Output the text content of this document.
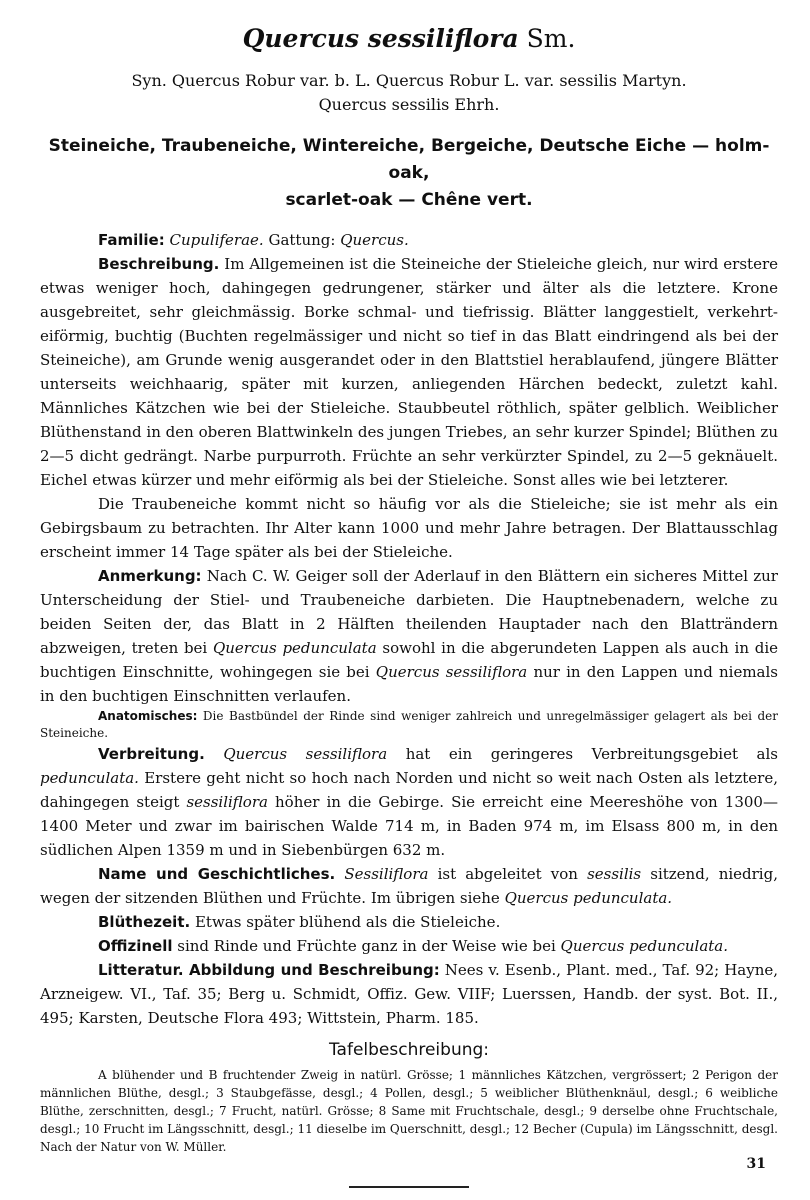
Quercus sessiliflora Sm.
Syn. Quercus Robur var. b. L. Quercus Robur L. var. sessilis Martyn.
Quercus sessilis Ehrh.
Steineiche, Traubeneiche, Wintereiche, Bergeiche, Deutsche Eiche — holm-oak,
scarlet-oak — Chêne vert.

Familie: Cupuliferae. Gattung: Quercus.

Beschreibung. Im Allgemeinen ist die Steineiche der Stieleiche gleich, nur wird erstere etwas weniger hoch, dahingegen gedrungener, stärker und älter als die letztere. Krone ausgebreitet, sehr gleichmässig. Borke schmal- und tiefrissig. Blätter langgestielt, verkehrt-eiförmig, buchtig (Buchten regelmässiger und nicht so tief in das Blatt eindringend als bei der Steineiche), am Grunde wenig ausgerandet oder in den Blattstiel herablaufend, jüngere Blätter unterseits weichhaarig, später mit kurzen, anliegenden Härchen bedeckt, zuletzt kahl. Männliches Kätzchen wie bei der Stieleiche. Staubbeutel röthlich, später gelblich. Weiblicher Blüthenstand in den oberen Blattwinkeln des jungen Triebes, an sehr kurzer Spindel; Blüthen zu 2—5 dicht gedrängt. Narbe purpurroth. Früchte an sehr verkürzter Spindel, zu 2—5 geknäuelt. Eichel etwas kürzer und mehr eiförmig als bei der Stieleiche. Sonst alles wie bei letzterer.

Die Traubeneiche kommt nicht so häufig vor als die Stieleiche; sie ist mehr als ein Gebirgsbaum zu betrachten. Ihr Alter kann 1000 und mehr Jahre betragen. Der Blattausschlag erscheint immer 14 Tage später als bei der Stieleiche.

Anmerkung: Nach C. W. Geiger soll der Aderlauf in den Blättern ein sicheres Mittel zur Unterscheidung der Stiel- und Traubeneiche darbieten. Die Hauptnebenadern, welche zu beiden Seiten der, das Blatt in 2 Hälften theilenden Hauptader nach den Blatträndern abzweigen, treten bei Quercus pedunculata sowohl in die abgerundeten Lappen als auch in die buchtigen Einschnitte, wohingegen sie bei Quercus sessiliflora nur in den Lappen und niemals in den buchtigen Einschnitten verlaufen.

Anatomisches: Die Bastbündel der Rinde sind weniger zahlreich und unregelmässiger gelagert als bei der Steineiche.

Verbreitung. Quercus sessiliflora hat ein geringeres Verbreitungsgebiet als pedunculata. Erstere geht nicht so hoch nach Norden und nicht so weit nach Osten als letztere, dahingegen steigt sessiliflora höher in die Gebirge. Sie erreicht eine Meereshöhe von 1300—1400 Meter und zwar im bairischen Walde 714 m, in Baden 974 m, im Elsass 800 m, in den südlichen Alpen 1359 m und in Siebenbürgen 632 m.

Name und Geschichtliches. Sessiliflora ist abgeleitet von sessilis sitzend, niedrig, wegen der sitzenden Blüthen und Früchte. Im übrigen siehe Quercus pedunculata.

Blüthezeit. Etwas später blühend als die Stieleiche.

Offizinell sind Rinde und Früchte ganz in der Weise wie bei Quercus pedunculata.

Litteratur. Abbildung und Beschreibung: Nees v. Esenb., Plant. med., Taf. 92; Hayne, Arzneigew. VI., Taf. 35; Berg u. Schmidt, Offiz. Gew. VIIF; Luerssen, Handb. der syst. Bot. II., 495; Karsten, Deutsche Flora 493; Wittstein, Pharm. 185.

Tafelbeschreibung:

A blühender und B fruchtender Zweig in natürl. Grösse; 1 männliches Kätzchen, vergrössert; 2 Perigon der männlichen Blüthe, desgl.; 3 Staubgefässe, desgl.; 4 Pollen, desgl.; 5 weiblicher Blüthenknäul, desgl.; 6 weibliche Blüthe, zerschnitten, desgl.; 7 Frucht, natürl. Grösse; 8 Same mit Fruchtschale, desgl.; 9 derselbe ohne Fruchtschale, desgl.; 10 Frucht im Längsschnitt, desgl.; 11 dieselbe im Querschnitt, desgl.; 12 Becher (Cupula) im Längsschnitt, desgl. Nach der Natur von W. Müller.

31
